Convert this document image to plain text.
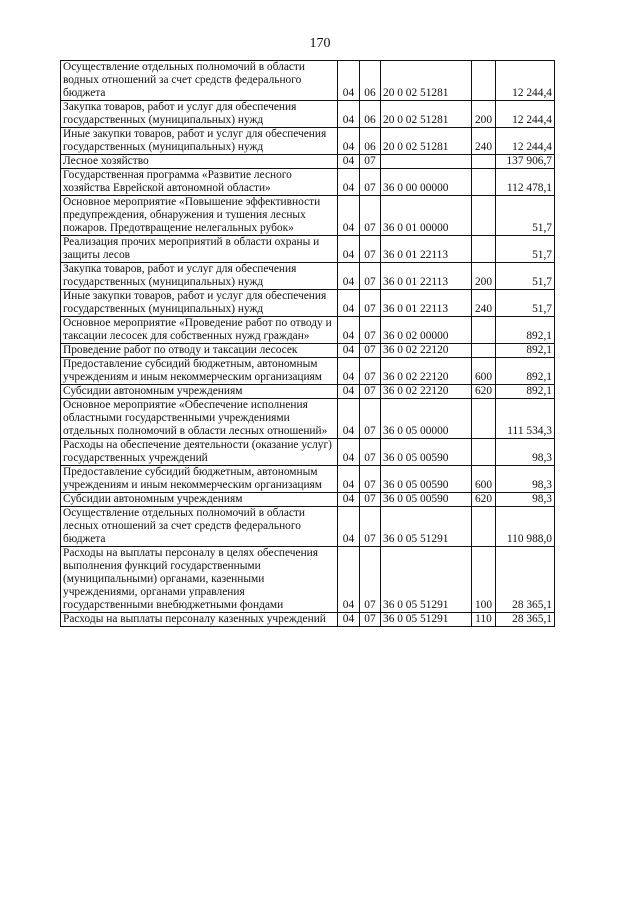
170
Осуществление отдельных полномочий в области водных отношений за счет средств федерального бюджета	04	06	20 0 02 51281		12 244,4
Закупка товаров, работ и услуг для обеспечения государственных (муниципальных) нужд	04	06	20 0 02 51281	200	12 244,4
Иные закупки товаров, работ и услуг для обеспечения государственных (муниципальных) нужд	04	06	20 0 02 51281	240	12 244,4
Лесное хозяйство	04	07			137 906,7
Государственная программа «Развитие лесного хозяйства Еврейской автономной области»	04	07	36 0 00 00000		112 478,1
Основное мероприятие «Повышение эффективности предупреждения, обнаружения и тушения лесных пожаров. Предотвращение нелегальных рубок»	04	07	36 0 01 00000		51,7
Реализация прочих мероприятий в области охраны и защиты лесов	04	07	36 0 01 22113		51,7
Закупка товаров, работ и услуг для обеспечения государственных (муниципальных) нужд	04	07	36 0 01 22113	200	51,7
Иные закупки товаров, работ и услуг для обеспечения государственных (муниципальных) нужд	04	07	36 0 01 22113	240	51,7
Основное мероприятие «Проведение работ по отводу и таксации лесосек для собственных нужд граждан»	04	07	36 0 02 00000		892,1
Проведение работ по отводу и таксации лесосек	04	07	36 0 02 22120		892,1
Предоставление субсидий бюджетным, автономным учреждениям и иным некоммерческим организациям	04	07	36 0 02 22120	600	892,1
Субсидии автономным учреждениям	04	07	36 0 02 22120	620	892,1
Основное мероприятие «Обеспечение исполнения областными государственными учреждениями отдельных полномочий в области лесных отношений»	04	07	36 0 05 00000		111 534,3
Расходы на обеспечение деятельности (оказание услуг) государственных учреждений	04	07	36 0 05 00590		98,3
Предоставление субсидий бюджетным, автономным учреждениям и иным некоммерческим организациям	04	07	36 0 05 00590	600	98,3
Субсидии автономным учреждениям	04	07	36 0 05 00590	620	98,3
Осуществление отдельных полномочий в области лесных отношений за счет средств федерального бюджета	04	07	36 0 05 51291		110 988,0
Расходы на выплаты персоналу в целях обеспечения выполнения функций государственными (муниципальными) органами, казенными учреждениями, органами управления государственными внебюджетными фондами	04	07	36 0 05 51291	100	28 365,1
Расходы на выплаты персоналу казенных учреждений	04	07	36 0 05 51291	110	28 365,1
